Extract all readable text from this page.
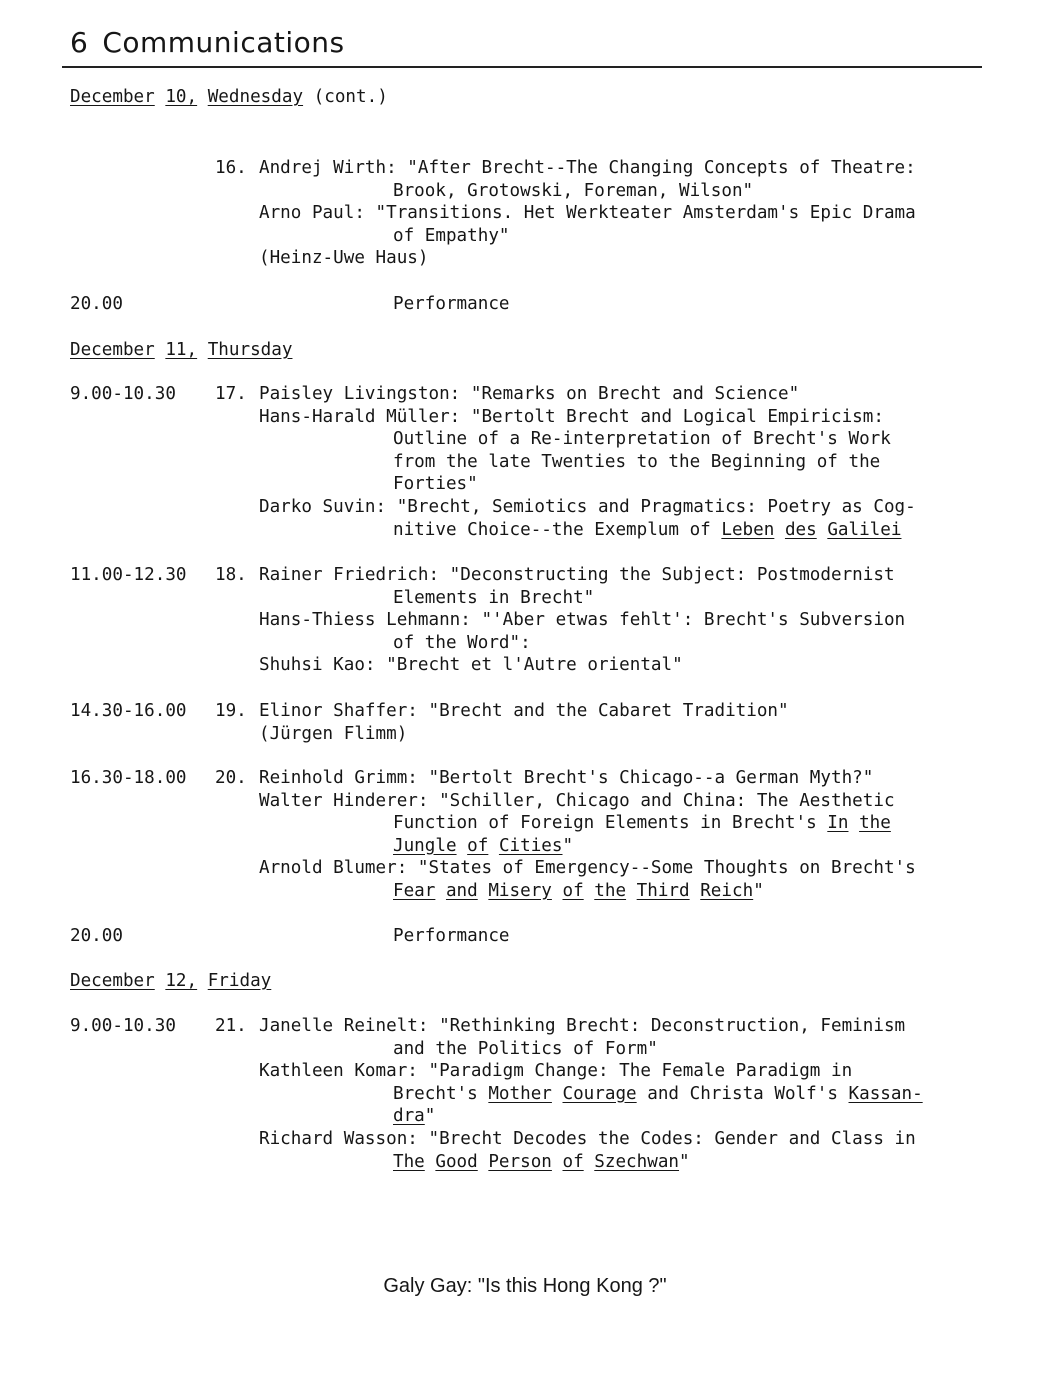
6 Communications
December 10, Wednesday (cont.)
16. Andrej Wirth: "After Brecht--The Changing Concepts of Theatre:
Brook, Grotowski, Foreman, Wilson"
Arno Paul: "Transitions. Het Werkteater Amsterdam's Epic Drama
of Empathy"
(Heinz-Uwe Haus)
20.00	Performance
December 11, Thursday
9.00-10.30 17. Paisley Livingston: "Remarks on Brecht and Science"
Hans-Harald Müller: "Bertolt Brecht and Logical Empiricism:
Outline of a Re-interpretation of Brecht's Work
from the late Twenties to the Beginning of the
Forties"
Darko Suvin: "Brecht, Semiotics and Pragmatics: Poetry as Cog-
nitive Choice--the Exemplum of Leben des Galilei
11.00-12.30 18. Rainer Friedrich: "Deconstructing the Subject: Postmodernist
Elements in Brecht"
Hans-Thiess Lehmann: "'Aber etwas fehlt': Brecht's Subversion
of the Word":
Shuhsi Kao: "Brecht et l'Autre oriental"
14.30-16.00 19. Elinor Shaffer: "Brecht and the Cabaret Tradition"
(Jürgen Flimm)
16.30-18.00 20. Reinhold Grimm: "Bertolt Brecht's Chicago--a German Myth?"
Walter Hinderer: "Schiller, Chicago and China: The Aesthetic
Function of Foreign Elements in Brecht's In the
Jungle of Cities"
Arnold Blumer: "States of Emergency--Some Thoughts on Brecht's
Fear and Misery of the Third Reich"
20.00	Performance
December 12, Friday
9.00-10.30 21. Janelle Reinelt: "Rethinking Brecht: Deconstruction, Feminism
and the Politics of Form"
Kathleen Komar: "Paradigm Change: The Female Paradigm in
Brecht's Mother Courage and Christa Wolf's Kassan-
dra"
Richard Wasson: "Brecht Decodes the Codes: Gender and Class in
The Good Person of Szechwan"
Galy Gay: "Is this Hong Kong ?"
